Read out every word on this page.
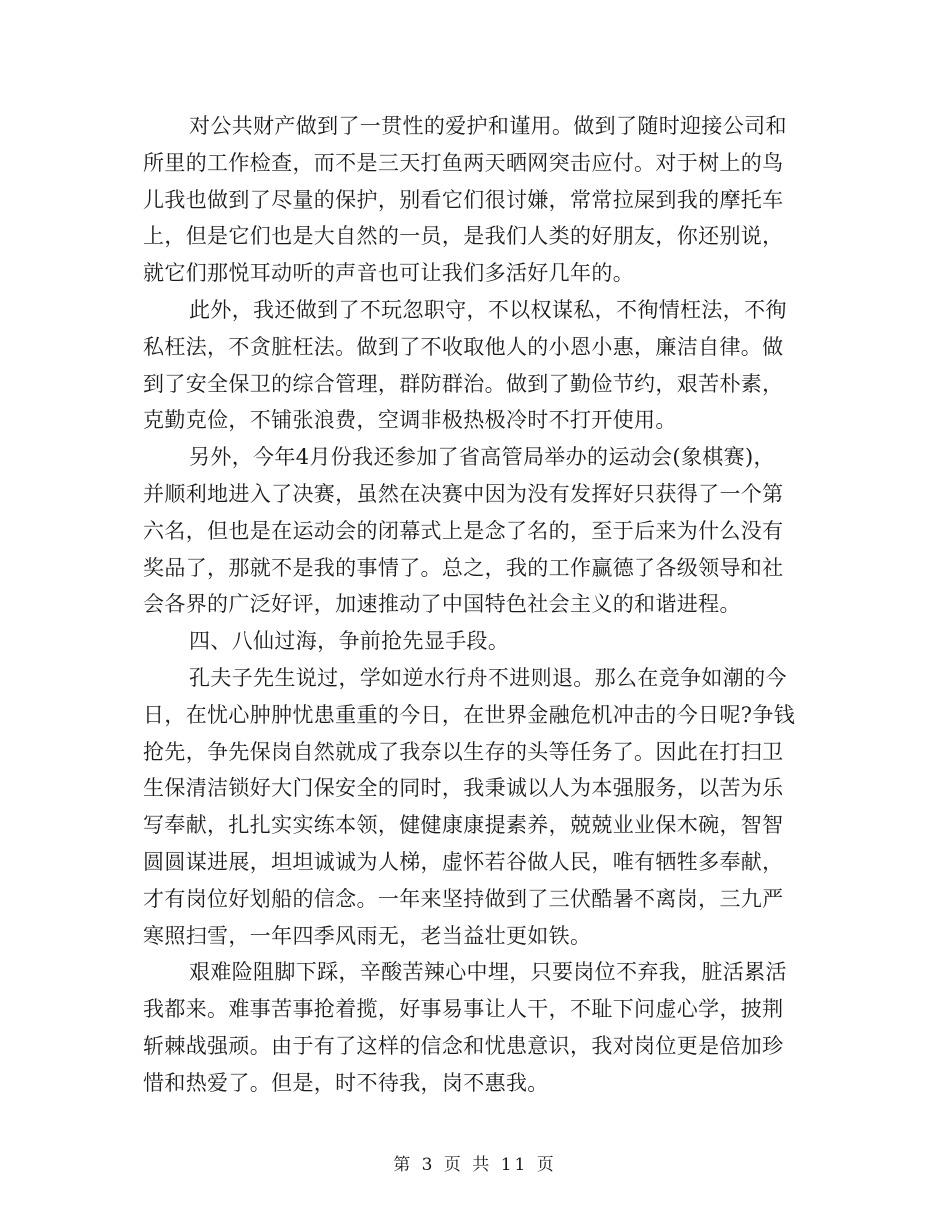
对公共财产做到了一贯性的爱护和谨用。做到了随时迎接公司和
所里的工作检查，而不是三天打鱼两天晒网突击应付。对于树上的鸟
儿我也做到了尽量的保护，别看它们很讨嫌，常常拉屎到我的摩托车
上，但是它们也是大自然的一员，是我们人类的好朋友，你还别说，
就它们那悦耳动听的声音也可让我们多活好几年的。
此外，我还做到了不玩忽职守，不以权谋私，不徇情枉法，不徇
私枉法，不贪脏枉法。做到了不收取他人的小恩小惠，廉洁自律。做
到了安全保卫的综合管理，群防群治。做到了勤俭节约，艰苦朴素，
克勤克俭，不铺张浪费，空调非极热极冷时不打开使用。
另外，今年4月份我还参加了省高管局举办的运动会(象棋赛)，
并顺利地进入了决赛，虽然在决赛中因为没有发挥好只获得了一个第
六名，但也是在运动会的闭幕式上是念了名的，至于后来为什么没有
奖品了，那就不是我的事情了。总之，我的工作赢德了各级领导和社
会各界的广泛好评，加速推动了中国特色社会主义的和谐进程。
四、八仙过海，争前抢先显手段。
孔夫子先生说过，学如逆水行舟不进则退。那么在竞争如潮的今
日，在忧心肿肿忧患重重的今日，在世界金融危机冲击的今日呢?争钱
抢先，争先保岗自然就成了我奈以生存的头等任务了。因此在打扫卫
生保清洁锁好大门保安全的同时，我秉诚以人为本强服务，以苦为乐
写奉献，扎扎实实练本领，健健康康提素养，兢兢业业保木碗，智智
圆圆谋进展，坦坦诚诚为人梯，虚怀若谷做人民，唯有牺牲多奉献，
才有岗位好划船的信念。一年来坚持做到了三伏酷暑不离岗，三九严
寒照扫雪，一年四季风雨无，老当益壮更如铁。
艰难险阻脚下踩，辛酸苦辣心中埋，只要岗位不弃我，脏活累活
我都来。难事苦事抢着揽，好事易事让人干，不耻下问虚心学，披荆
斩棘战强顽。由于有了这样的信念和忧患意识，我对岗位更是倍加珍
惜和热爱了。但是，时不待我，岗不惠我。
第 3 页 共 11 页
